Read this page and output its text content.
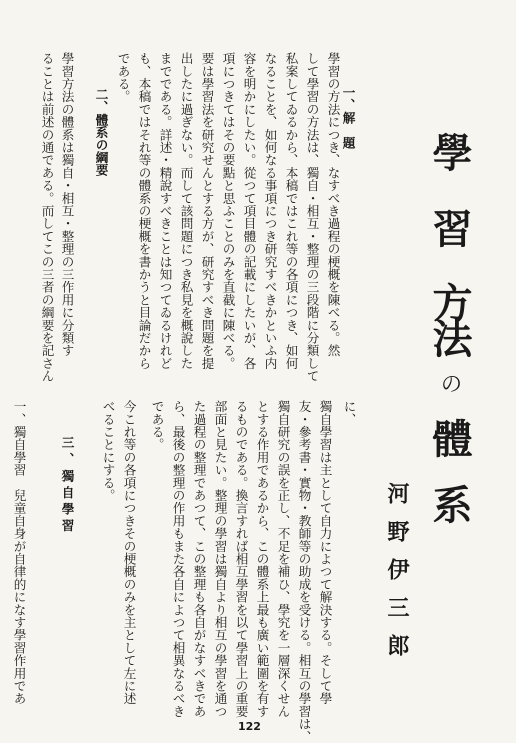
學
習
方
の
法
體
系
河野伊三郎
一、解　題
學習の方法につき、なすべき過程の梗概を陳べる。然
して學習の方法は、獨自・相互・整理の三段階に分類して
私案してゐるから、本稿ではこれ等の各項につき、如何
なることを、如何なる事項につき研究すべきかといふ内
容を明かにしたい。從つて項目體の記載にしたいが、各
項につきてはその要點と思ふことのみを直截に陳べる。
要は學習法を研究せんとする方が、研究すべき問題を提
出したに過ぎない。而して該問題につき私見を概說した
までである。詳述・精說すべきことは知つてゐるけれど
も、本稿ではそれ等の體系の梗概を書かうと目論だから
である。
二、體系の綱要
學習方法の體系は獨自・相互・整理の三作用に分類す
ることは前述の通である。而してこの三者の綱要を記さん
に、
獨自學習は主として自力によつて解決する。そして學
友・參考書・實物・教師等の助成を受ける。相互の學習は、
獨自研究の誤を正し、不足を補ひ、學究を一層深くせん
とする作用であるから、この體系上最も廣い範圍を有す
るものである。換言すれば相互學習を以て學習上の重要
部面と見たい。整理の學習は獨自より相互の學習を通つ
た過程の整理であつて、この整理も各自がなすべきであ
ら、最後の整理の作用もまた各自によつて相異なるべき
である。
今これ等の各項につきその梗概のみを主として左に述
べることにする。
三、獨自學習
一、獨自學習　兒童自身が自律的になす學習作用であ
122
